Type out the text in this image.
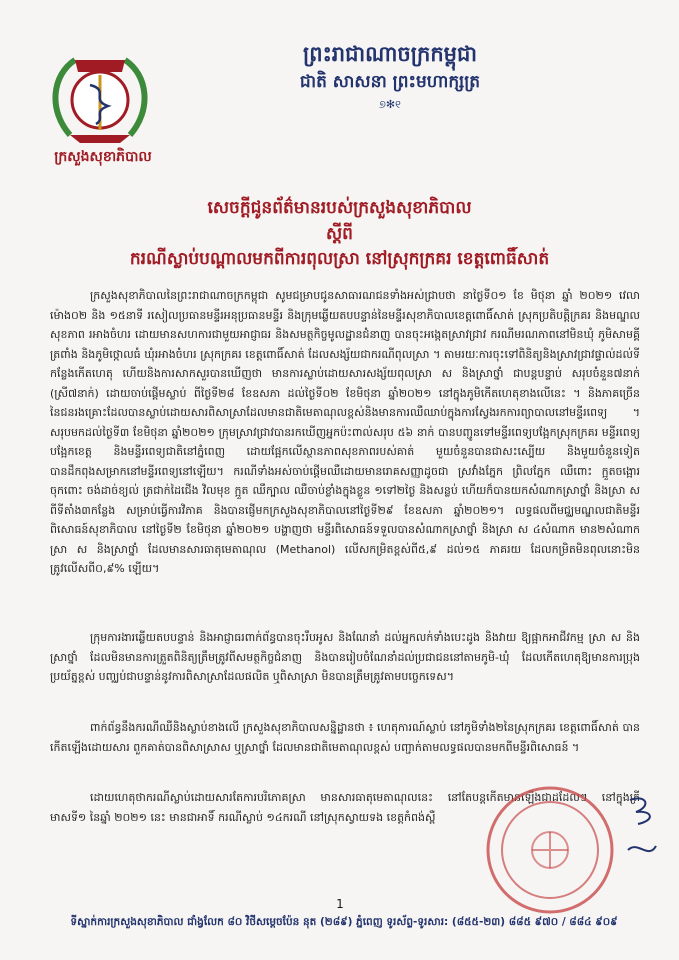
ព្រះរាជាណាចក្រកម្ពុជា
ជាតិ សាសនា ព្រះមហាក្សត្រ
୭✻୧
ក្រសួងសុខាភិបាល
សេចក្តីជូនព័ត៌មានរបស់ក្រសួងសុខាភិបាល
ស្តីពី
ករណីស្លាប់បណ្តាលមកពីការពុលស្រា នៅស្រុកក្រគរ ខេត្តពោធិ៍សាត់
ក្រសួងសុខាភិបាលនៃព្រះរាជាណាចក្រកម្ពុជា សូមជម្រាបជូនសាធារណជនទាំងអស់ជ្រាបថា នាថ្ងៃទី០១ ខែ មិថុនា ឆ្នាំ ២០២១ វេលាម៉ោង០២ និង ១៥នាទី រសៀលប្រធានមន្ទីរអនុប្រធានមន្ទីរ និងក្រុមឆ្លើយតបបន្ទាន់នៃមន្ទីរសុខាភិបាលខេត្តពោធិ៍សាត់ ស្រុកប្រតិបត្តិក្រគរ និងមណ្ឌលសុខភាព រអាងចំហរ ដោយមានសហការជាមួយអាជ្ញាធរ និងសមត្ថកិច្ចមូលដ្ឋានជំនាញ បានចុះអង្កេតស្រាវជ្រាវ ករណីមរណភាពនៅមិនឃុំ ភូមិសាមគ្គីត្រពាំង និងភូមិថ្កោលធំ ឃុំរអាងចំហរ ស្រុកក្រគរ ខេត្តពោធិ៍សាត់ ដែលសង្ស័យជាករណីពុលស្រា ។ តាមរយៈការចុះទៅពិនិត្យនិងស្រាវជ្រាវផ្ទាល់ដល់ទីកន្លែងកើតហេតុ ហើយនិងការសាកសួរបានឃើញថា មានការស្លាប់ដោយសារសង្ស័យពុលស្រា ស និងស្រាថ្នាំ ជាបន្តបន្ទាប់ សរុបចំនួន៧នាក់ (ស្រី៧នាក់) ដោយចាប់ផ្តើមស្លាប់ ពីថ្ងៃទី២៨ ខែឧសភា ដល់ថ្ងៃទី០២ ខែមិថុនា ឆ្នាំ២០២១ នៅក្នុងភូមិកើតហេតុខាងលើនេះ ។ និងភាគច្រើននៃជនរងគ្រោះដែលបានស្លាប់ដោយសារពិសាស្រាដែលមានជាតិមេតាណុលខ្ពស់និងមានការឈឺឈាប់ក្នុងការស្វែងរកការព្យាបាលនៅមន្ទីរពេទ្យ ។ សរុបមកដល់ថ្ងៃទី៣ ខែមិថុនា ឆ្នាំ២០២១ ក្រុមស្រាវជ្រាវបានរកឃើញអ្នកប៉ះពាល់សរុប ៥៦ នាក់ បានបញ្ជូនទៅមន្ទីរពេទ្យបង្អែកស្រុកក្រគរ មន្ទីរពេទ្យបង្អែកខេត្ត និងមន្ទីរពេទ្យជាតិនៅភ្នំពេញ ដោយផ្អែកលើស្ថានភាពសុខភាពរបស់គាត់ មួយចំនួនបានជាសះស្បើយ និងមួយចំនួនទៀត បានដឹកពុងសម្រាកនៅមន្ទីរពេទ្យនៅឡើយ។ ករណីទាំងអស់ចាប់ផ្តើមឈឺដោយមានរោគសញ្ញាដូចជា ស្រវាំងភ្នែក ព្រិលភ្នែក ឈឺពោះ ក្អួតចង្អោរ ចុកពោះ ចង់ដាច់ខ្យល់ ត្រជាក់ដៃជើង វិលមុខ ក្អួត ឈឺក្បាល ឈឺចាប់ខ្លាំងក្នុងខ្លួន ១ទៅ២ថ្ងៃ និងសន្លប់ ហើយក៏បានយកសំណាកស្រាថ្នាំ និងស្រា ស ពីទីតាំង៣កន្លែង សម្រាប់ធ្វើការវិភាគ និងបានផ្ញើមកក្រសួងសុខាភិបាលនៅថ្ងៃទី២៩ ខែឧសភា ឆ្នាំ២០២១។ លទ្ធផលពីមជ្ឈមណ្ឌលជាតិមន្ទីរពិសោធន៍សុខាភិបាល នៅថ្ងៃទី២ ខែមិថុនា ឆ្នាំ២០២១ បង្ហាញថា មន្ទីរពិសោធន៍ទទួលបានសំណាកស្រាថ្នាំ និងស្រា ស ៤សំណាក មាន២សំណាក ស្រា ស និងស្រាថ្នាំ ដែលមានសារធាតុមេតាណុល (Methanol) លើសកម្រិតខ្ពស់ពី៥,៩ ដល់១៥ ភាគរយ ដែលកម្រិតមិនពុលនោះមិនត្រូវលើសពី០,៩% ឡើយ។
ក្រុមការងារឆ្លើយតបបន្ទាន់ និងអាជ្ញាធរពាក់ព័ន្ធបានចុះរឹបអូស និងណែនាំ ដល់អ្នកលក់ទាំងបេះដូង និងវាយ ឱ្យផ្អាកអាជីវកម្ម ស្រា ស និងស្រាថ្នាំ ដែលមិនមានការត្រួតពិនិត្យត្រឹមត្រូវពីសមត្ថកិច្ចជំនាញ និងបានរៀបចំណែនាំដល់ប្រជាជននៅតាមភូមិ-ឃុំ ដែលកើតហេតុឱ្យមានការប្រុងប្រយ័ត្នខ្ពស់ បញ្ឈប់ជាបន្ទាន់នូវការពិសាស្រាដែលផលិត ឬពិសាស្រា មិនបានត្រឹមត្រូវតាមបច្ចេកទេស។
ពាក់ព័ន្ធនឹងករណីឈឺនិងស្លាប់ខាងលើ ក្រសួងសុខាភិបាលសន្និដ្ឋានថា ៖ ហេតុការណ៍ស្លាប់ នៅភូមិទាំង២នៃស្រុកក្រគរ ខេត្តពោធិ៍សាត់ បានកើតឡើងដោយសារ ពួកគាត់បានពិសាស្រាស ឬស្រាថ្នាំ ដែលមានជាតិមេតាណុលខ្ពស់ បញ្ជាក់តាមលទ្ធផលបានមកពីមន្ទីរពិសោធន៍ ។
ដោយហេតុថាករណីស្លាប់ដោយសារតែការបរិភោគស្រា មានសារធាតុមេតាណុលនេះ នៅតែបន្តកើតមានឡើងជាដដែលៗ នៅក្នុងត្រីមាសទី១ នៃឆ្នាំ ២០២១ នេះ មានជាអាទិ៍ ករណីស្លាប់ ១៤ករណី នៅស្រុកស្វាយទង ខេត្តកំពង់ស្ពឺ
1
ទីស្នាក់ការក្រសួងសុខាភិបាល ជាំង្វលែក ៨០ វិថីសម្តេចប៉ែន នុត (២៨៩) ភ្នំពេញ ទូរស័ព្ទ-ទូរសារ: (៨៥៥-២៣) ៨៨៥ ៩៧០ / ៨៨៤ ៩០៩
